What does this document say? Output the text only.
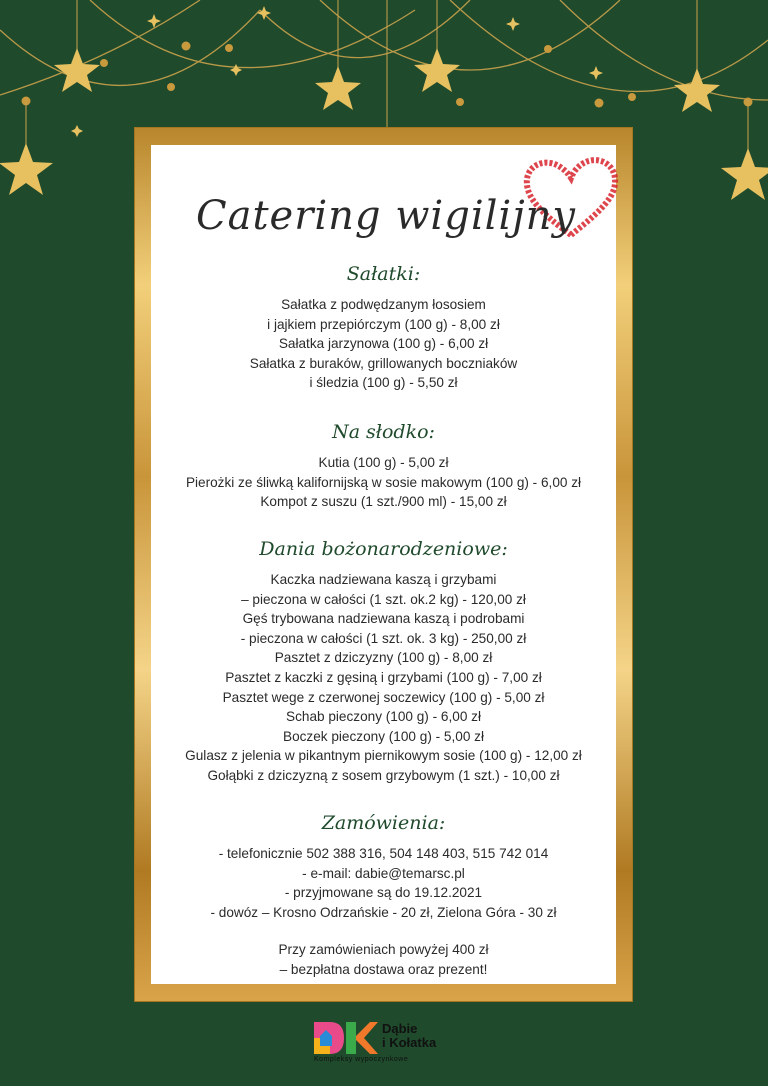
Catering wigilijny
Sałatki:
Sałatka z podwędzanym łososiem
i jajkiem przepiórczym (100 g) - 8,00 zł
Sałatka jarzynowa (100 g) - 6,00 zł
Sałatka z buraków, grillowanych boczniaków
i śledzia (100 g) - 5,50 zł
Na słodko:
Kutia (100 g) - 5,00 zł
Pierożki ze śliwką kalifornijską w sosie makowym (100 g) - 6,00 zł
Kompot z suszu (1 szt./900 ml) - 15,00 zł
Dania bożonarodzeniowe:
Kaczka nadziewana kaszą i grzybami
– pieczona w całości (1 szt. ok.2 kg) - 120,00 zł
Gęś trybowana nadziewana kaszą i podrobami
- pieczona w całości (1 szt. ok. 3 kg) - 250,00 zł
Pasztet z dziczyzny (100 g) - 8,00 zł
Pasztet z kaczki z gęsiną i grzybami (100 g) - 7,00 zł
Pasztet wege z czerwonej soczewicy (100 g) - 5,00 zł
Schab pieczony (100 g) - 6,00 zł
Boczek pieczony (100 g) - 5,00 zł
Gulasz z jelenia w pikantnym piernikowym sosie (100 g) - 12,00 zł
Gołąbki z dziczyzną z sosem grzybowym (1 szt.) - 10,00 zł
Zamówienia:
- telefonicznie 502 388 316, 504 148 403, 515 742 014
- e-mail: dabie@temarsc.pl
- przyjmowane są do 19.12.2021
- dowóz – Krosno Odrzańskie - 20 zł, Zielona Góra - 30 zł
Przy zamówieniach powyżej 400 zł
– bezpłatna dostawa oraz prezent!
Dąbie
i Kołatka
Kompleksy wypoczynkowe
